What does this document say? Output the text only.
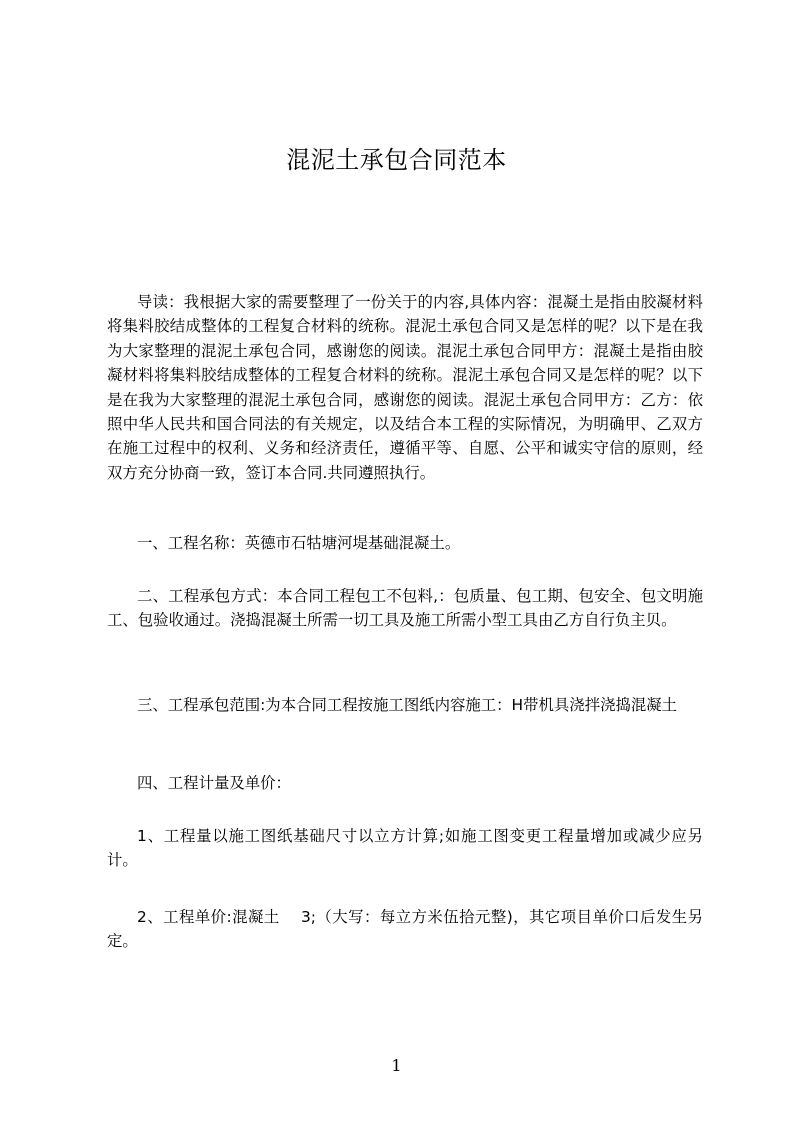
混泥土承包合同范本

导读：我根据大家的需要整理了一份关于的内容,具体内容：混凝土是指由胶凝材料将集料胶结成整体的工程复合材料的统称。混泥土承包合同又是怎样的呢？以下是在我为大家整理的混泥土承包合同，感谢您的阅读。混泥土承包合同甲方：混凝土是指由胶凝材料将集料胶结成整体的工程复合材料的统称。混泥土承包合同又是怎样的呢？以下是在我为大家整理的混泥土承包合同，感谢您的阅读。混泥土承包合同甲方：乙方：依照中华人民共和国合同法的有关规定，以及结合本工程的实际情况，为明确甲、乙双方在施工过程中的权利、义务和经济责任，遵循平等、自愿、公平和诚实守信的原则，经双方充分协商一致，签订本合同.共同遵照执行。

一、工程名称：英德市石牯塘河堤基础混凝土。

二、工程承包方式：本合同工程包工不包料,：包质量、包工期、包安全、包文明施工、包验收通过。浇捣混凝土所需一切工具及施工所需小型工具由乙方自行负主贝。

三、工程承包范围:为本合同工程按施工图纸内容施工：H带机具浇拌浇捣混凝土

四、工程计量及单价：

1、工程量以施工图纸基础尺寸以立方计算;如施工图变更工程量增加或减少应另计。

2、工程单价:混凝土　 3;（大写：每立方米伍拾元整)，其它项目单价口后发生另定。

1
